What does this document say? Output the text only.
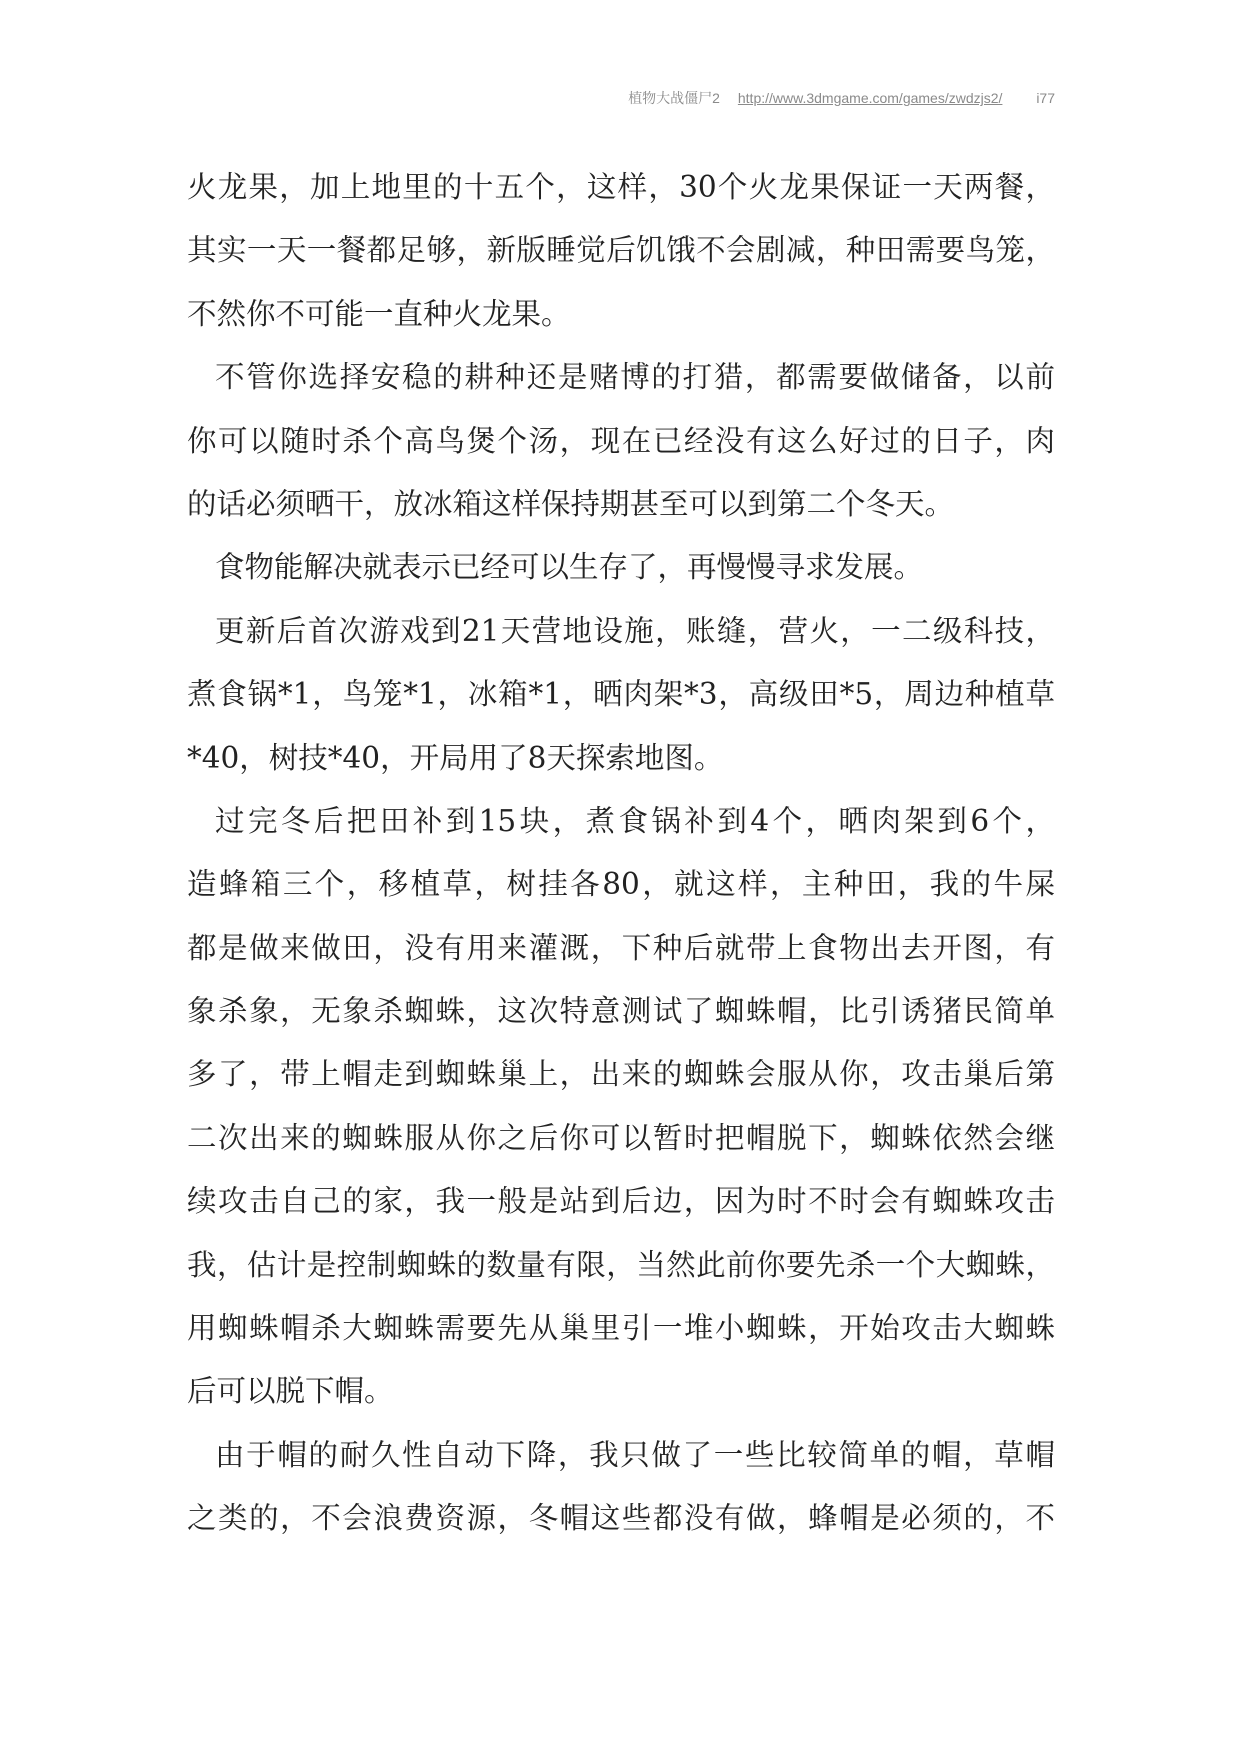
植物大战僵尸2 http://www.3dmgame.com/games/zwdzjs2/ i77
火龙果，加上地里的十五个，这样，30个火龙果保证一天两餐，
其实一天一餐都足够，新版睡觉后饥饿不会剧减，种田需要鸟笼，
不然你不可能一直种火龙果。
不管你选择安稳的耕种还是赌博的打猎，都需要做储备，以前
你可以随时杀个高鸟煲个汤，现在已经没有这么好过的日子，肉
的话必须晒干，放冰箱这样保持期甚至可以到第二个冬天。
食物能解决就表示已经可以生存了，再慢慢寻求发展。
更新后首次游戏到21天营地设施，账缝，营火，一二级科技，
煮食锅*1，鸟笼*1，冰箱*1，晒肉架*3，高级田*5，周边种植草
*40，树技*40，开局用了8天探索地图。
过完冬后把田补到15块，煮食锅补到4个，晒肉架到6个，
造蜂箱三个，移植草，树挂各80，就这样，主种田，我的牛屎
都是做来做田，没有用来灌溉，下种后就带上食物出去开图，有
象杀象，无象杀蜘蛛，这次特意测试了蜘蛛帽，比引诱猪民简单
多了，带上帽走到蜘蛛巢上，出来的蜘蛛会服从你，攻击巢后第
二次出来的蜘蛛服从你之后你可以暂时把帽脱下，蜘蛛依然会继
续攻击自己的家，我一般是站到后边，因为时不时会有蜘蛛攻击
我，估计是控制蜘蛛的数量有限，当然此前你要先杀一个大蜘蛛，
用蜘蛛帽杀大蜘蛛需要先从巢里引一堆小蜘蛛，开始攻击大蜘蛛
后可以脱下帽。
由于帽的耐久性自动下降，我只做了一些比较简单的帽，草帽
之类的，不会浪费资源，冬帽这些都没有做，蜂帽是必须的，不
